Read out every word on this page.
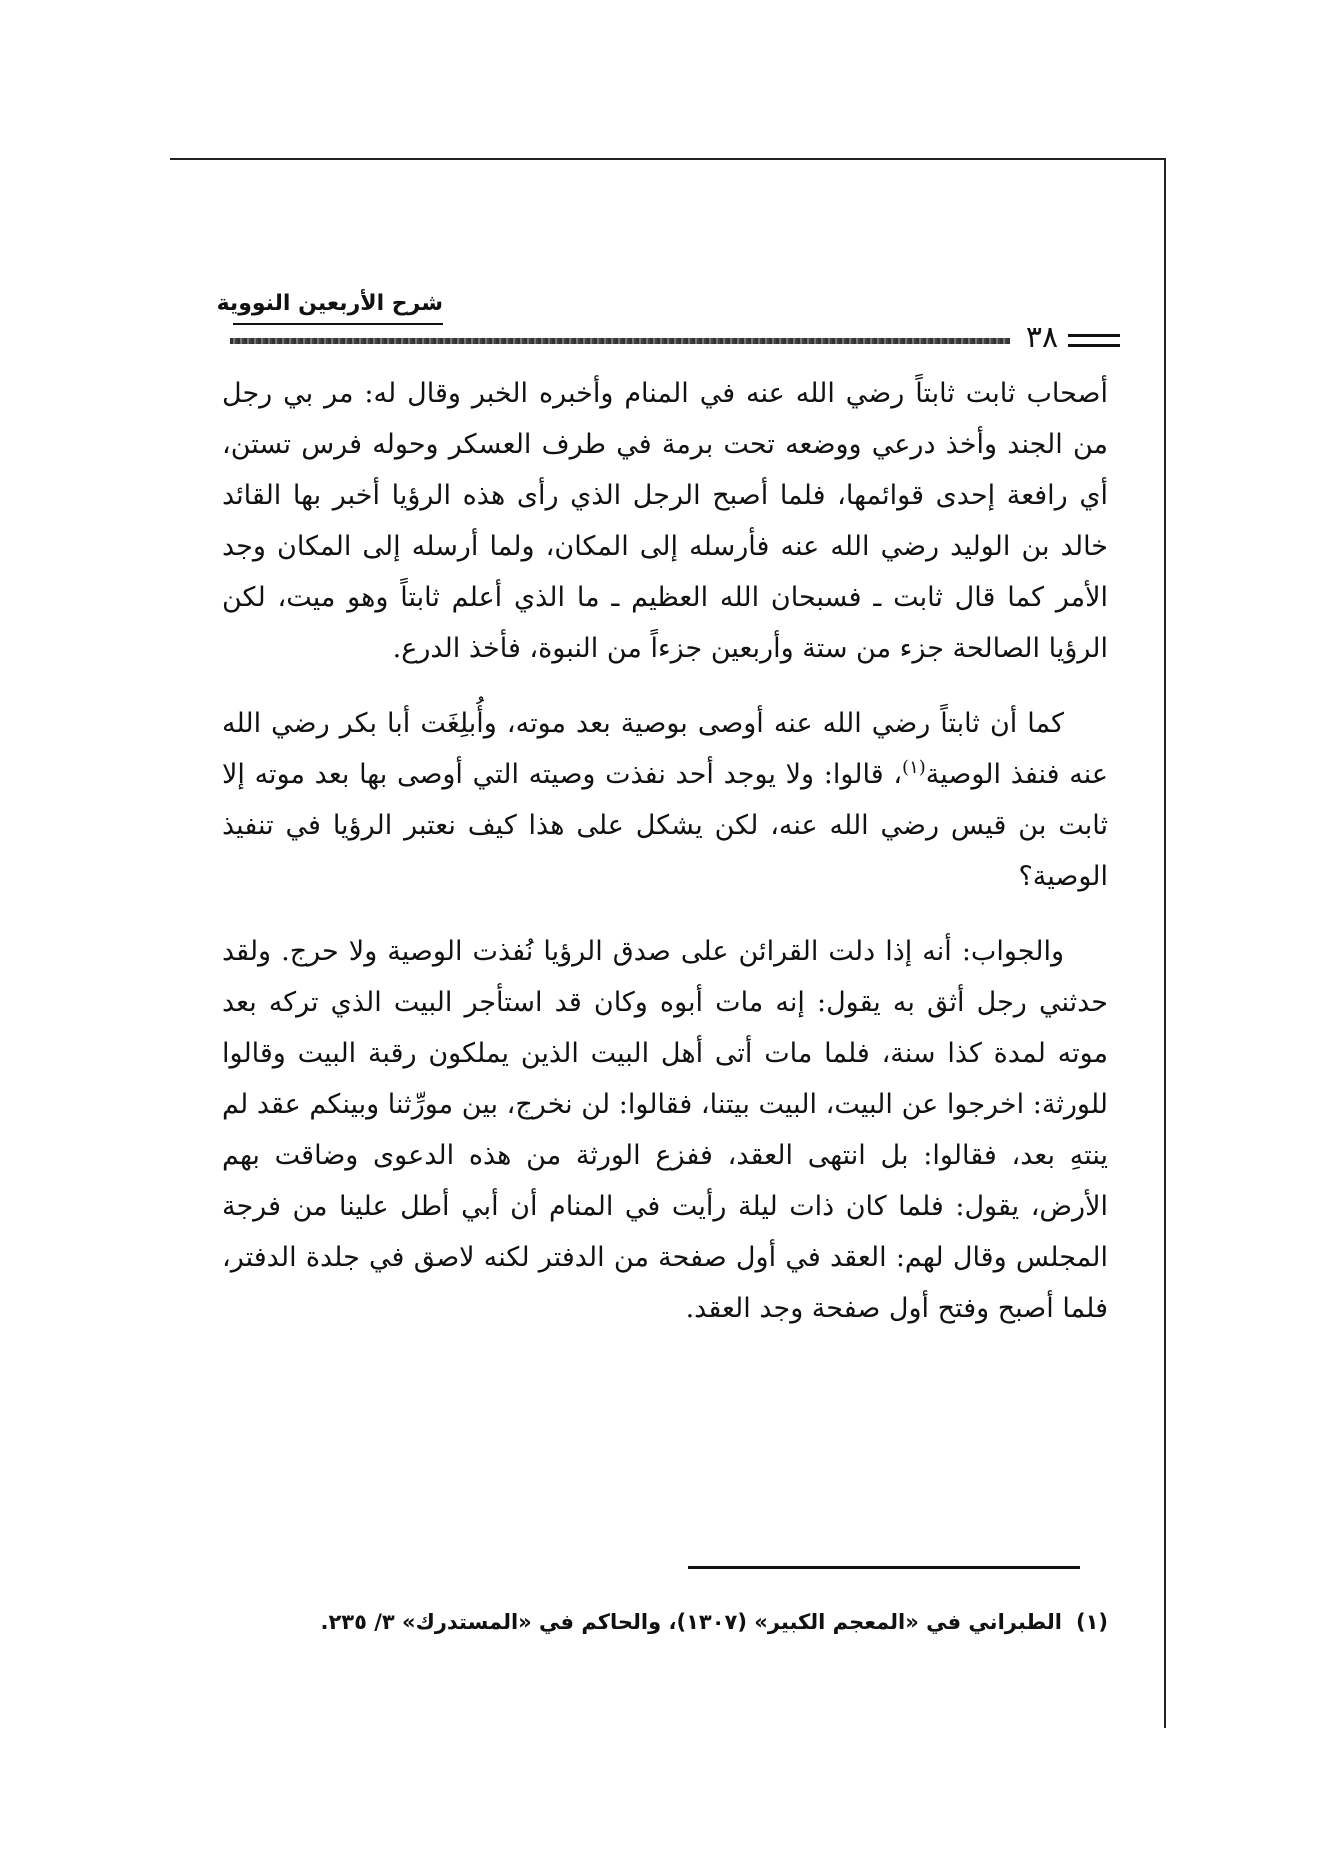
شرح الأربعين النووية
٣٨

أصحاب ثابت ثابتاً رضي الله عنه في المنام وأخبره الخبر وقال له: مر بي رجل من الجند وأخذ درعي ووضعه تحت برمة في طرف العسكر وحوله فرس تستن، أي رافعة إحدى قوائمها، فلما أصبح الرجل الذي رأى هذه الرؤيا أخبر بها القائد خالد بن الوليد رضي الله عنه فأرسله إلى المكان، ولما أرسله إلى المكان وجد الأمر كما قال ثابت ـ فسبحان الله العظيم ـ ما الذي أعلم ثابتاً وهو ميت، لكن الرؤيا الصالحة جزء من ستة وأربعين جزءاً من النبوة، فأخذ الدرع.

كما أن ثابتاً رضي الله عنه أوصى بوصية بعد موته، وأُبلِغَت أبا بكر رضي الله عنه فنفذ الوصية$^{(١)}$، قالوا: ولا يوجد أحد نفذت وصيته التي أوصى بها بعد موته إلا ثابت بن قيس رضي الله عنه، لكن يشكل على هذا كيف نعتبر الرؤيا في تنفيذ الوصية؟

والجواب: أنه إذا دلت القرائن على صدق الرؤيا نُفذت الوصية ولا حرج. ولقد حدثني رجل أثق به يقول: إنه مات أبوه وكان قد استأجر البيت الذي تركه بعد موته لمدة كذا سنة، فلما مات أتى أهل البيت الذين يملكون رقبة البيت وقالوا للورثة: اخرجوا عن البيت، البيت بيتنا، فقالوا: لن نخرج، بين مورِّثنا وبينكم عقد لم ينتهِ بعد، فقالوا: بل انتهى العقد، ففزع الورثة من هذه الدعوى وضاقت بهم الأرض، يقول: فلما كان ذات ليلة رأيت في المنام أن أبي أطل علينا من فرجة المجلس وقال لهم: العقد في أول صفحة من الدفتر لكنه لاصق في جلدة الدفتر، فلما أصبح وفتح أول صفحة وجد العقد.

(١)الطبراني في «المعجم الكبير» (١٣٠٧)، والحاكم في «المستدرك» ٣/ ٢٣٥.
